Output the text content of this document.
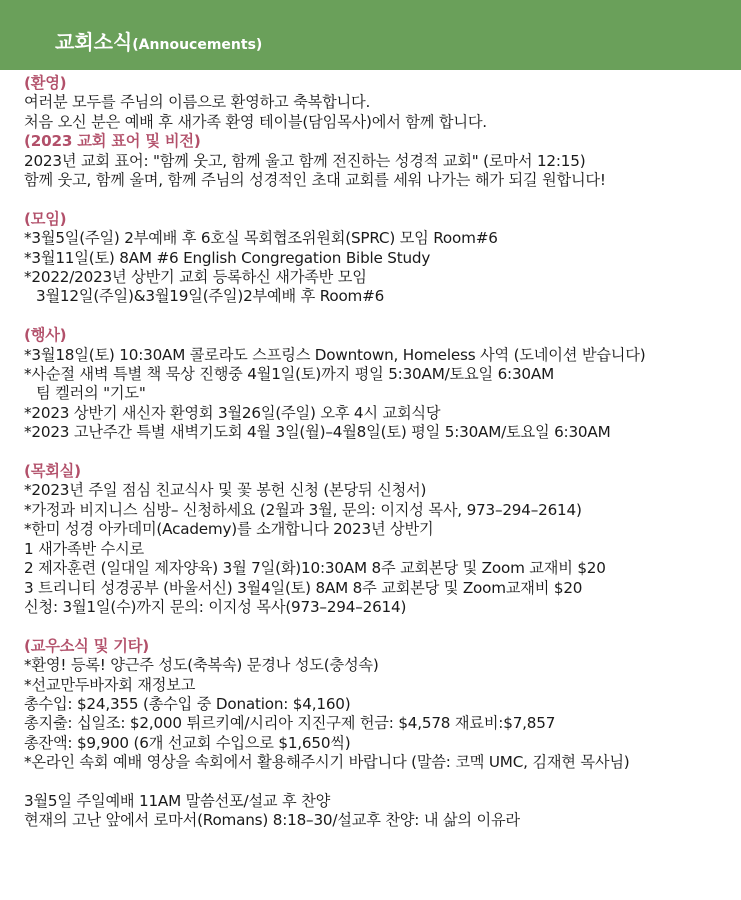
교회소식(Annoucements)
(환영)
여러분 모두를 주님의 이름으로 환영하고 축복합니다.
처음 오신 분은 예배 후 새가족 환영 테이블(담임목사)에서 함께 합니다.
(2023 교회 표어 및 비전)
2023년 교회 표어: "함께 웃고, 함께 울고 함께 전진하는 성경적 교회" (로마서 12:15)
함께 웃고, 함께 울며, 함께 주님의 성경적인 초대 교회를 세워 나가는 해가 되길 원합니다!
(모임)
*3월5일(주일) 2부예배 후 6호실 목회협조위원회(SPRC) 모임 Room#6
*3월11일(토) 8AM #6 English Congregation Bible Study
*2022/2023년 상반기 교회 등록하신 새가족반 모임
3월12일(주일)&3월19일(주일)2부예배 후 Room#6
(행사)
*3월18일(토) 10:30AM 콜로라도 스프링스 Downtown, Homeless 사역 (도네이션 받습니다)
*사순절 새벽 특별 책 묵상 진행중 4월1일(토)까지 평일 5:30AM/토요일 6:30AM
팀 켈러의 "기도"
*2023 상반기 새신자 환영회 3월26일(주일) 오후 4시 교회식당
*2023 고난주간 특별 새벽기도회 4월 3일(월)–4월8일(토) 평일 5:30AM/토요일 6:30AM
(목회실)
*2023년 주일 점심 친교식사 및 꽃 봉헌 신청 (본당뒤 신청서)
*가정과 비지니스 심방– 신청하세요 (2월과 3월, 문의: 이지성 목사, 973–294–2614)
*한미 성경 아카데미(Academy)를 소개합니다 2023년 상반기
1 새가족반 수시로
2 제자훈련 (일대일 제자양육) 3월 7일(화)10:30AM 8주 교회본당 및 Zoom 교재비 $20
3 트리니티 성경공부 (바울서신) 3월4일(토) 8AM 8주 교회본당 및 Zoom교재비 $20
신청: 3월1일(수)까지 문의: 이지성 목사(973–294–2614)
(교우소식 및 기타)
*환영! 등록! 양근주 성도(축복속) 문경나 성도(충성속)
*선교만두바자회 재정보고
총수입: $24,355 (총수입 중 Donation: $4,160)
총지출: 십일조: $2,000 튀르키예/시리아 지진구제 헌금: $4,578 재료비:$7,857
총잔액: $9,900 (6개 선교회 수입으로 $1,650씩)
*온라인 속회 예배 영상을 속회에서 활용해주시기 바랍니다 (말씀: 코멕 UMC, 김재현 목사님)
3월5일 주일예배 11AM 말씀선포/설교 후 찬양
현재의 고난 앞에서 로마서(Romans) 8:18–30/설교후 찬양: 내 삶의 이유라
